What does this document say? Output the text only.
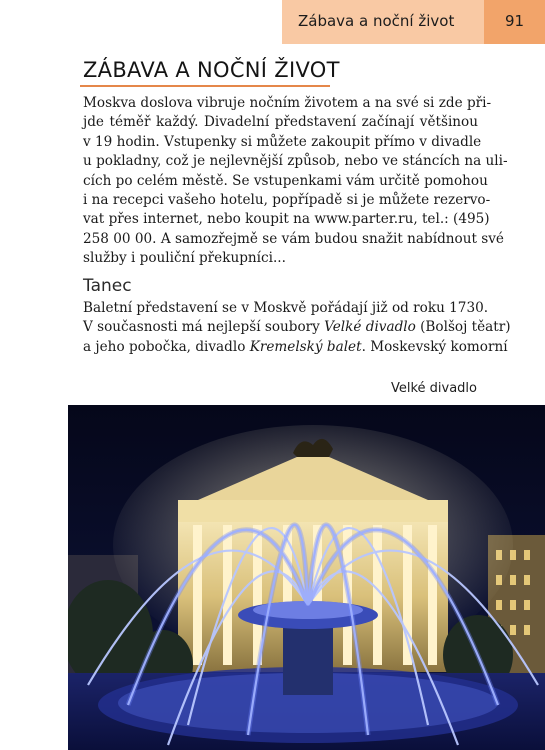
Zábava a noční život	91
ZÁBAVA A NOČNÍ ŽIVOT
Moskva doslova vibruje nočním životem a na své si zde při-
jde téměř každý. Divadelní představení začínají většinou
v 19 hodin. Vstupenky si můžete zakoupit přímo v divadle
u pokladny, což je nejlevnější způsob, nebo ve stáncích na uli-
cích po celém městě. Se vstupenkami vám určitě pomohou
i na recepci vašeho hotelu, popřípadě si je můžete rezervo-
vat přes internet, nebo koupit na www.parter.ru, tel.: (495)
258 00 00. A samozřejmě se vám budou snažit nabídnout své
služby i pouliční překupníci...
Tanec
Baletní představení se v Moskvě pořádají již od roku 1730.
V současnosti má nejlepší soubory Velké divadlo (Bolšoj těatr)
a jeho pobočka, divadlo Kremelský balet. Moskevský komorní
Velké divadlo
